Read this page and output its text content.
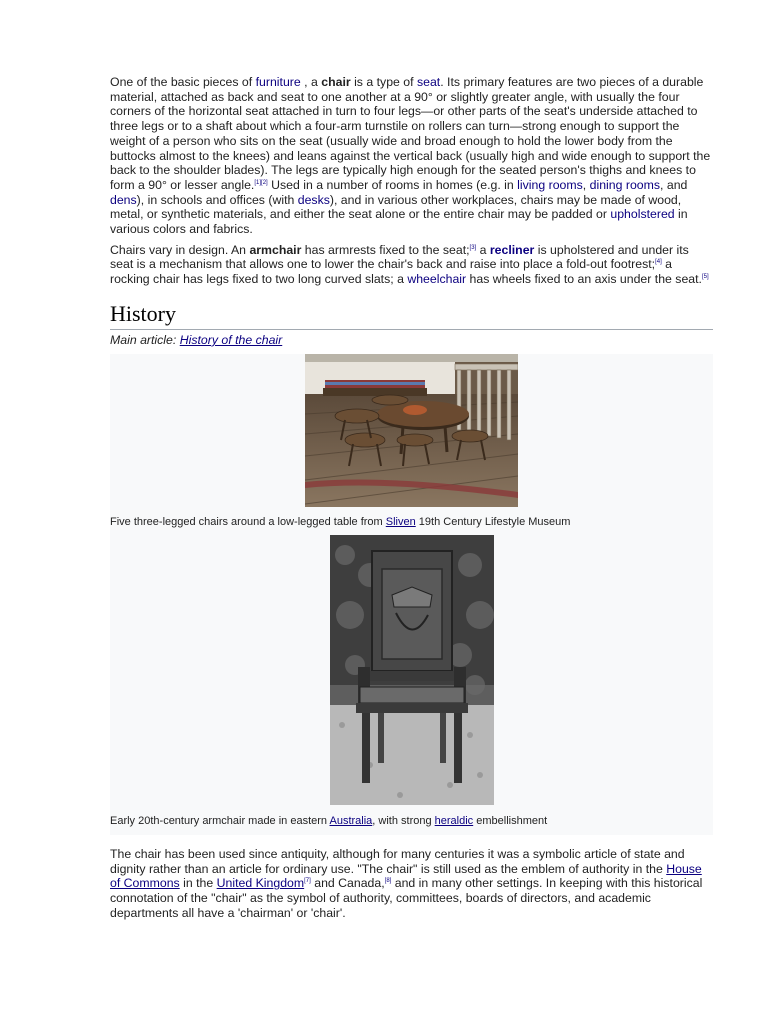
One of the basic pieces of furniture , a chair is a type of seat. Its primary features are two pieces of a durable material, attached as back and seat to one another at a 90° or slightly greater angle, with usually the four corners of the horizontal seat attached in turn to four legs—or other parts of the seat's underside attached to three legs or to a shaft about which a four-arm turnstile on rollers can turn—strong enough to support the weight of a person who sits on the seat (usually wide and broad enough to hold the lower body from the buttocks almost to the knees) and leans against the vertical back (usually high and wide enough to support the back to the shoulder blades). The legs are typically high enough for the seated person's thighs and knees to form a 90° or lesser angle.[1][2] Used in a number of rooms in homes (e.g. in living rooms, dining rooms, and dens), in schools and offices (with desks), and in various other workplaces, chairs may be made of wood, metal, or synthetic materials, and either the seat alone or the entire chair may be padded or upholstered in various colors and fabrics.

Chairs vary in design. An armchair has armrests fixed to the seat;[3] a recliner is upholstered and under its seat is a mechanism that allows one to lower the chair's back and raise into place a fold-out footrest;[4] a rocking chair has legs fixed to two long curved slats; a wheelchair has wheels fixed to an axis under the seat.[5]

History
Main article: History of the chair
Five three-legged chairs around a low-legged table from Sliven 19th Century Lifestyle Museum
Early 20th-century armchair made in eastern Australia, with strong heraldic embellishment

The chair has been used since antiquity, although for many centuries it was a symbolic article of state and dignity rather than an article for ordinary use. "The chair" is still used as the emblem of authority in the House of Commons in the United Kingdom[7] and Canada,[8] and in many other settings. In keeping with this historical connotation of the "chair" as the symbol of authority, committees, boards of directors, and academic departments all have a 'chairman' or 'chair'.
